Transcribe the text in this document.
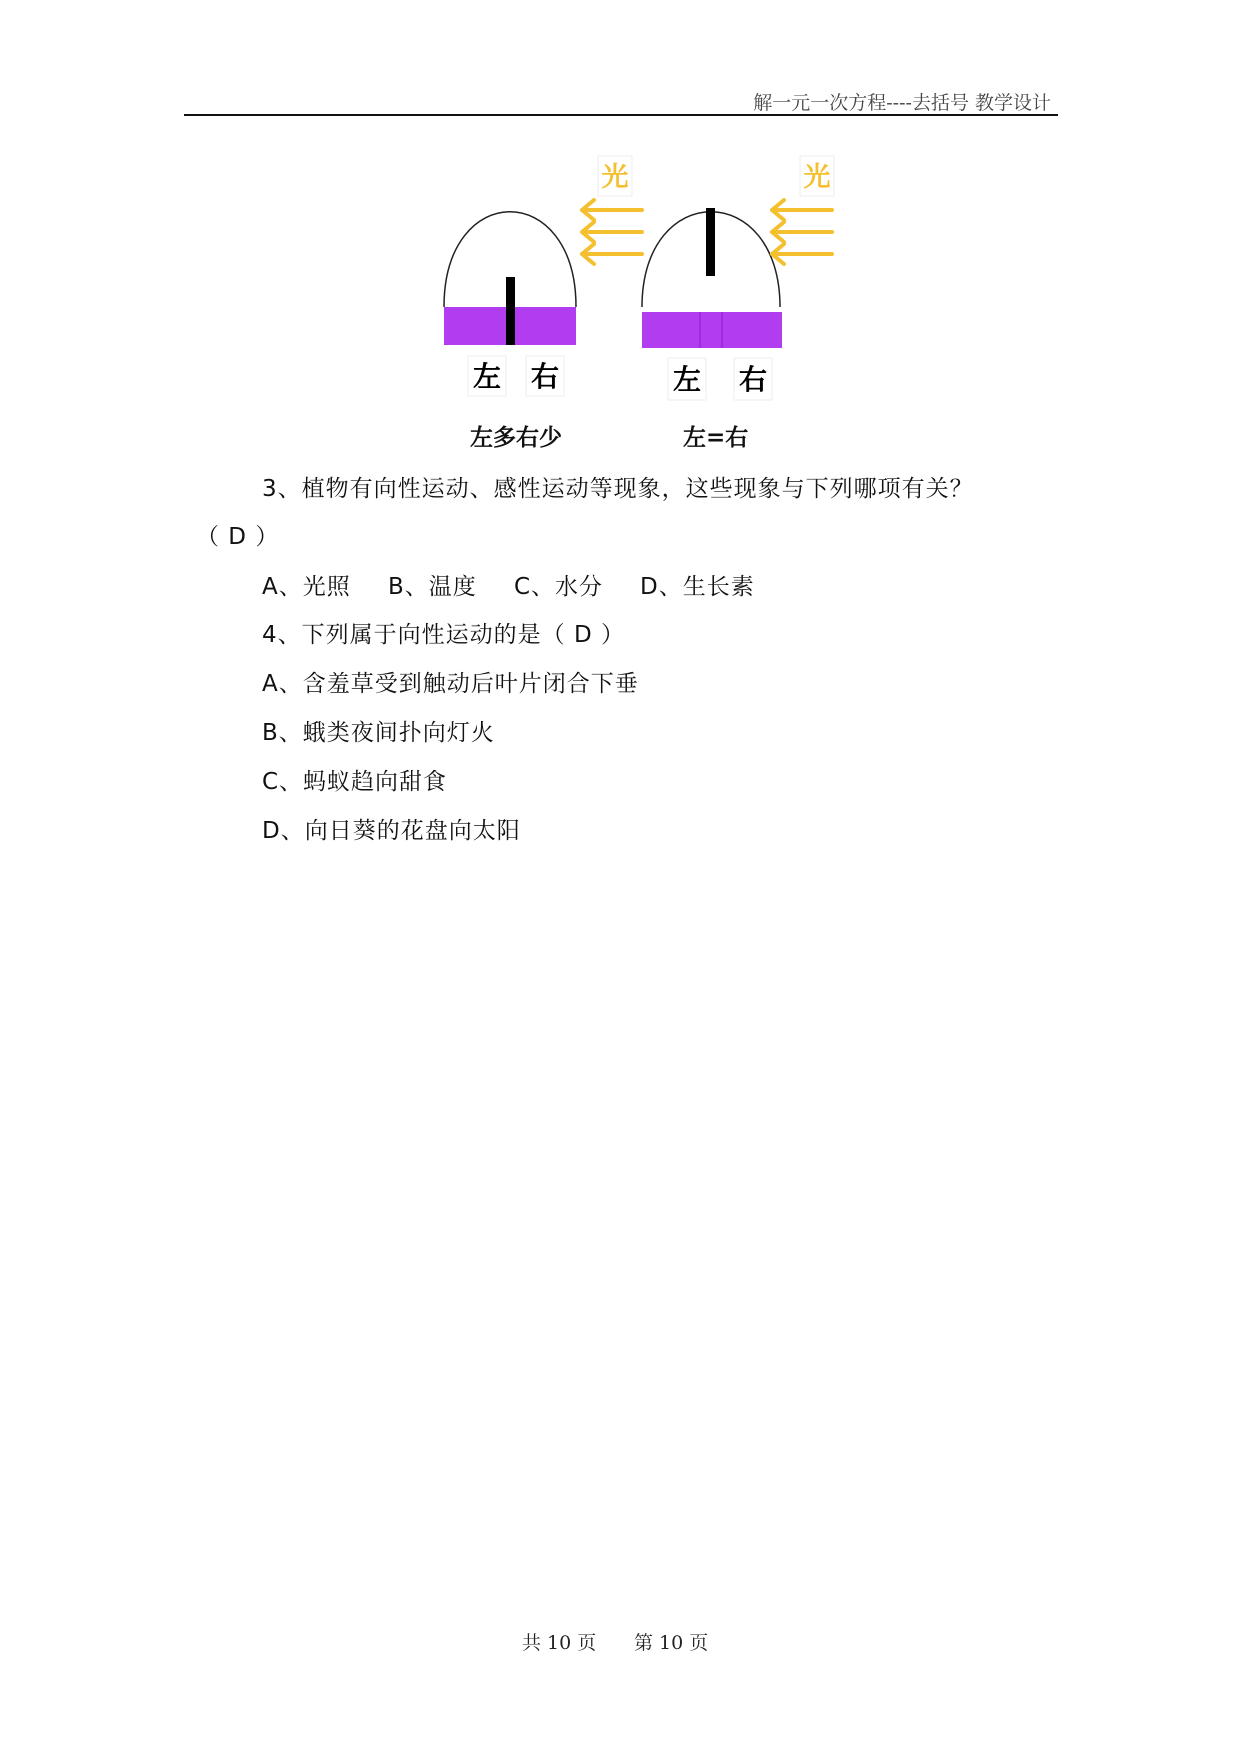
解一元一次方程----去括号 教学设计
光	光
左 右	左 右
左多右少	左=右
3、植物有向性运动、感性运动等现象，这些现象与下列哪项有关？
（ D ）
A、光照 B、温度 C、水分 D、生长素
4、下列属于向性运动的是（ D ）
A、含羞草受到触动后叶片闭合下垂
B、蛾类夜间扑向灯火
C、蚂蚁趋向甜食
D、向日葵的花盘向太阳
共 10 页 第 10 页
